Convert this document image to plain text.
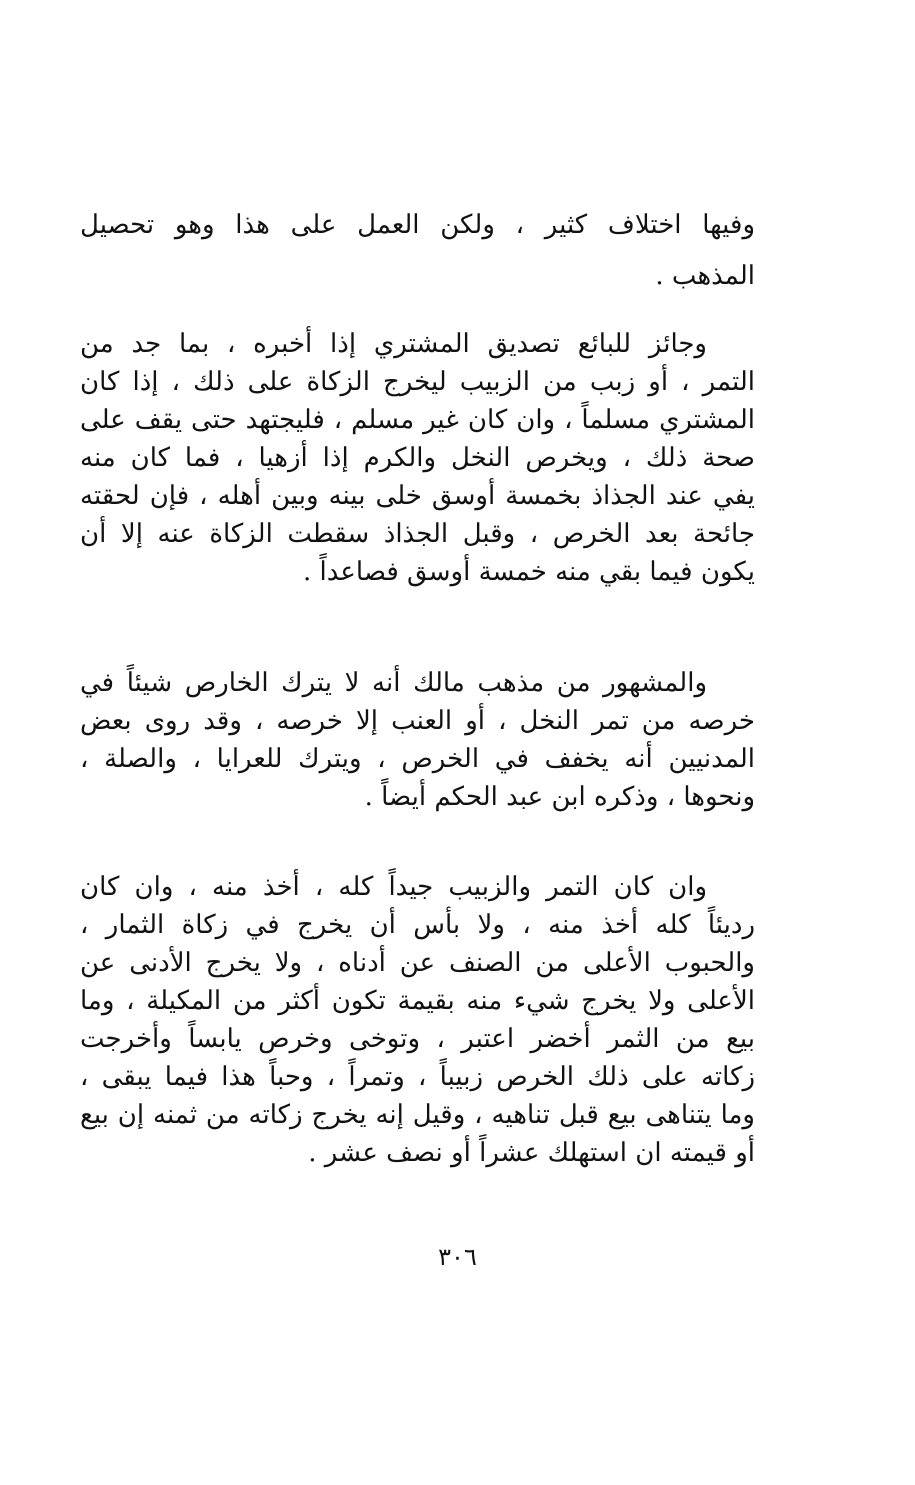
وفيها اختلاف كثير ، ولكن العمل على هذا وهو تحصيل
المذهب .
وجائز للبائع تصديق المشتري إذا أخبره ، بما جد من
التمر ، أو زبب من الزبيب ليخرج الزكاة على ذلك ، إذا كان
المشتري مسلماً ، وان كان غير مسلم ، فليجتهد حتى يقف على
صحة ذلك ، ويخرص النخل والكرم إذا أزهيا ، فما كان منه
يفي عند الجذاذ بخمسة أوسق خلى بينه وبين أهله ، فإن لحقته
جائحة بعد الخرص ، وقبل الجذاذ سقطت الزكاة عنه إلا أن
يكون فيما بقي منه خمسة أوسق فصاعداً .
والمشهور من مذهب مالك أنه لا يترك الخارص شيئاً في
خرصه من تمر النخل ، أو العنب إلا خرصه ، وقد روى بعض
المدنيين أنه يخفف في الخرص ، ويترك للعرايا ، والصلة ،
ونحوها ، وذكره ابن عبد الحكم أيضاً .
وان كان التمر والزبيب جيداً كله ، أخذ منه ، وان كان
رديئاً كله أخذ منه ، ولا بأس أن يخرج في زكاة الثمار ،
والحبوب الأعلى من الصنف عن أدناه ، ولا يخرج الأدنى عن
الأعلى ولا يخرج شيء منه بقيمة تكون أكثر من المكيلة ، وما
بيع من الثمر أخضر اعتبر ، وتوخى وخرص يابساً وأخرجت
زكاته على ذلك الخرص زبيباً ، وتمراً ، وحباً هذا فيما يبقى ،
وما يتناهى بيع قبل تناهيه ، وقيل إنه يخرج زكاته من ثمنه إن بيع
أو قيمته ان استهلك عشراً أو نصف عشر .
٣٠٦
